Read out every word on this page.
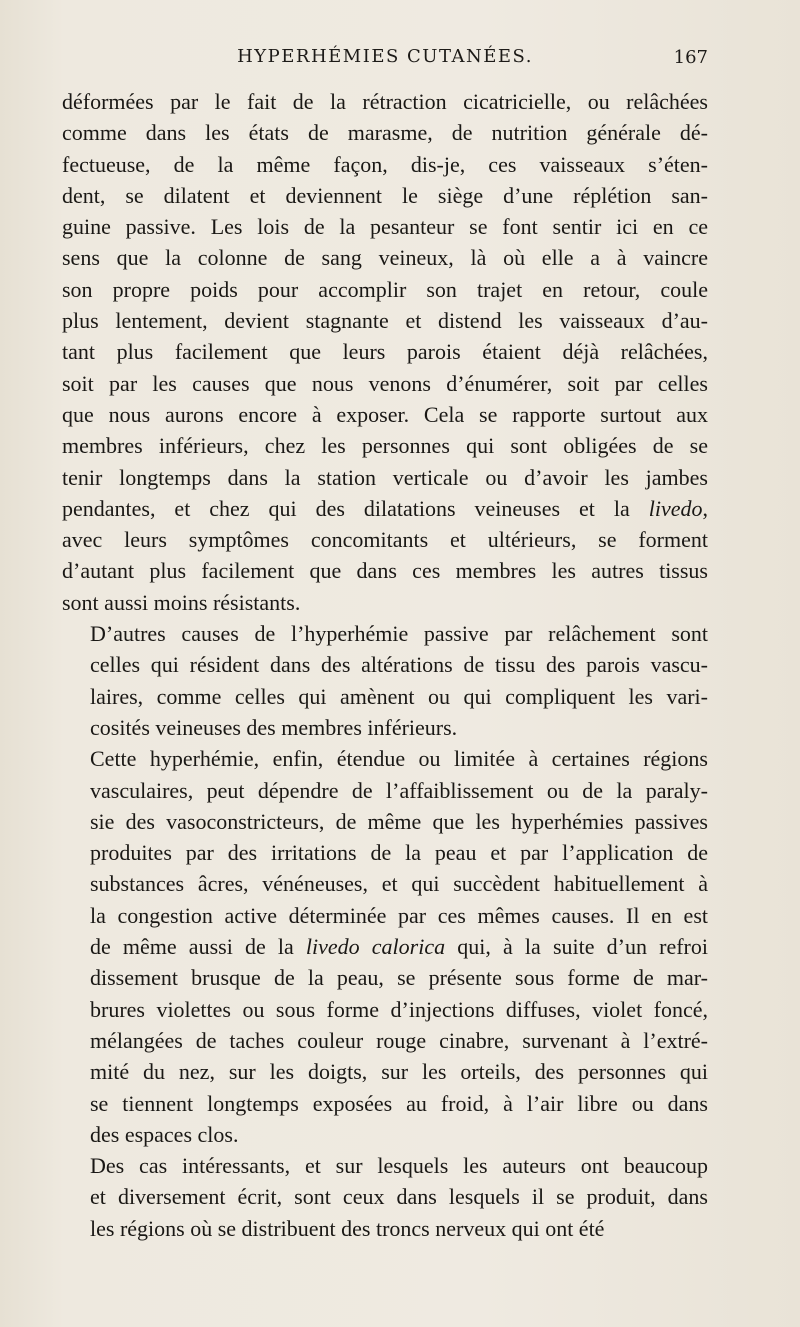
HYPERHÉMIES CUTANÉES.	167
déformées par le fait de la rétraction cicatricielle, ou relâchées
comme dans les états de marasme, de nutrition générale dé-
fectueuse, de la même façon, dis-je, ces vaisseaux s’éten-
dent, se dilatent et deviennent le siège d’une réplétion san-
guine passive. Les lois de la pesanteur se font sentir ici en ce
sens que la colonne de sang veineux, là où elle a à vaincre
son propre poids pour accomplir son trajet en retour, coule
plus lentement, devient stagnante et distend les vaisseaux d’au-
tant plus facilement que leurs parois étaient déjà relâchées,
soit par les causes que nous venons d’énumérer, soit par celles
que nous aurons encore à exposer. Cela se rapporte surtout aux
membres inférieurs, chez les personnes qui sont obligées de se
tenir longtemps dans la station verticale ou d’avoir les jambes
pendantes, et chez qui des dilatations veineuses et la livedo,
avec leurs symptômes concomitants et ultérieurs, se forment
d’autant plus facilement que dans ces membres les autres tissus
sont aussi moins résistants.
D’autres causes de l’hyperhémie passive par relâchement sont
celles qui résident dans des altérations de tissu des parois vascu-
laires, comme celles qui amènent ou qui compliquent les vari-
cosités veineuses des membres inférieurs.
Cette hyperhémie, enfin, étendue ou limitée à certaines régions
vasculaires, peut dépendre de l’affaiblissement ou de la paraly-
sie des vasoconstricteurs, de même que les hyperhémies passives
produites par des irritations de la peau et par l’application de
substances âcres, vénéneuses, et qui succèdent habituellement à
la congestion active déterminée par ces mêmes causes. Il en est
de même aussi de la livedo calorica qui, à la suite d’un refroi
dissement brusque de la peau, se présente sous forme de mar-
brures violettes ou sous forme d’injections diffuses, violet foncé,
mélangées de taches couleur rouge cinabre, survenant à l’extré-
mité du nez, sur les doigts, sur les orteils, des personnes qui
se tiennent longtemps exposées au froid, à l’air libre ou dans
des espaces clos.
Des cas intéressants, et sur lesquels les auteurs ont beaucoup
et diversement écrit, sont ceux dans lesquels il se produit, dans
les régions où se distribuent des troncs nerveux qui ont été
